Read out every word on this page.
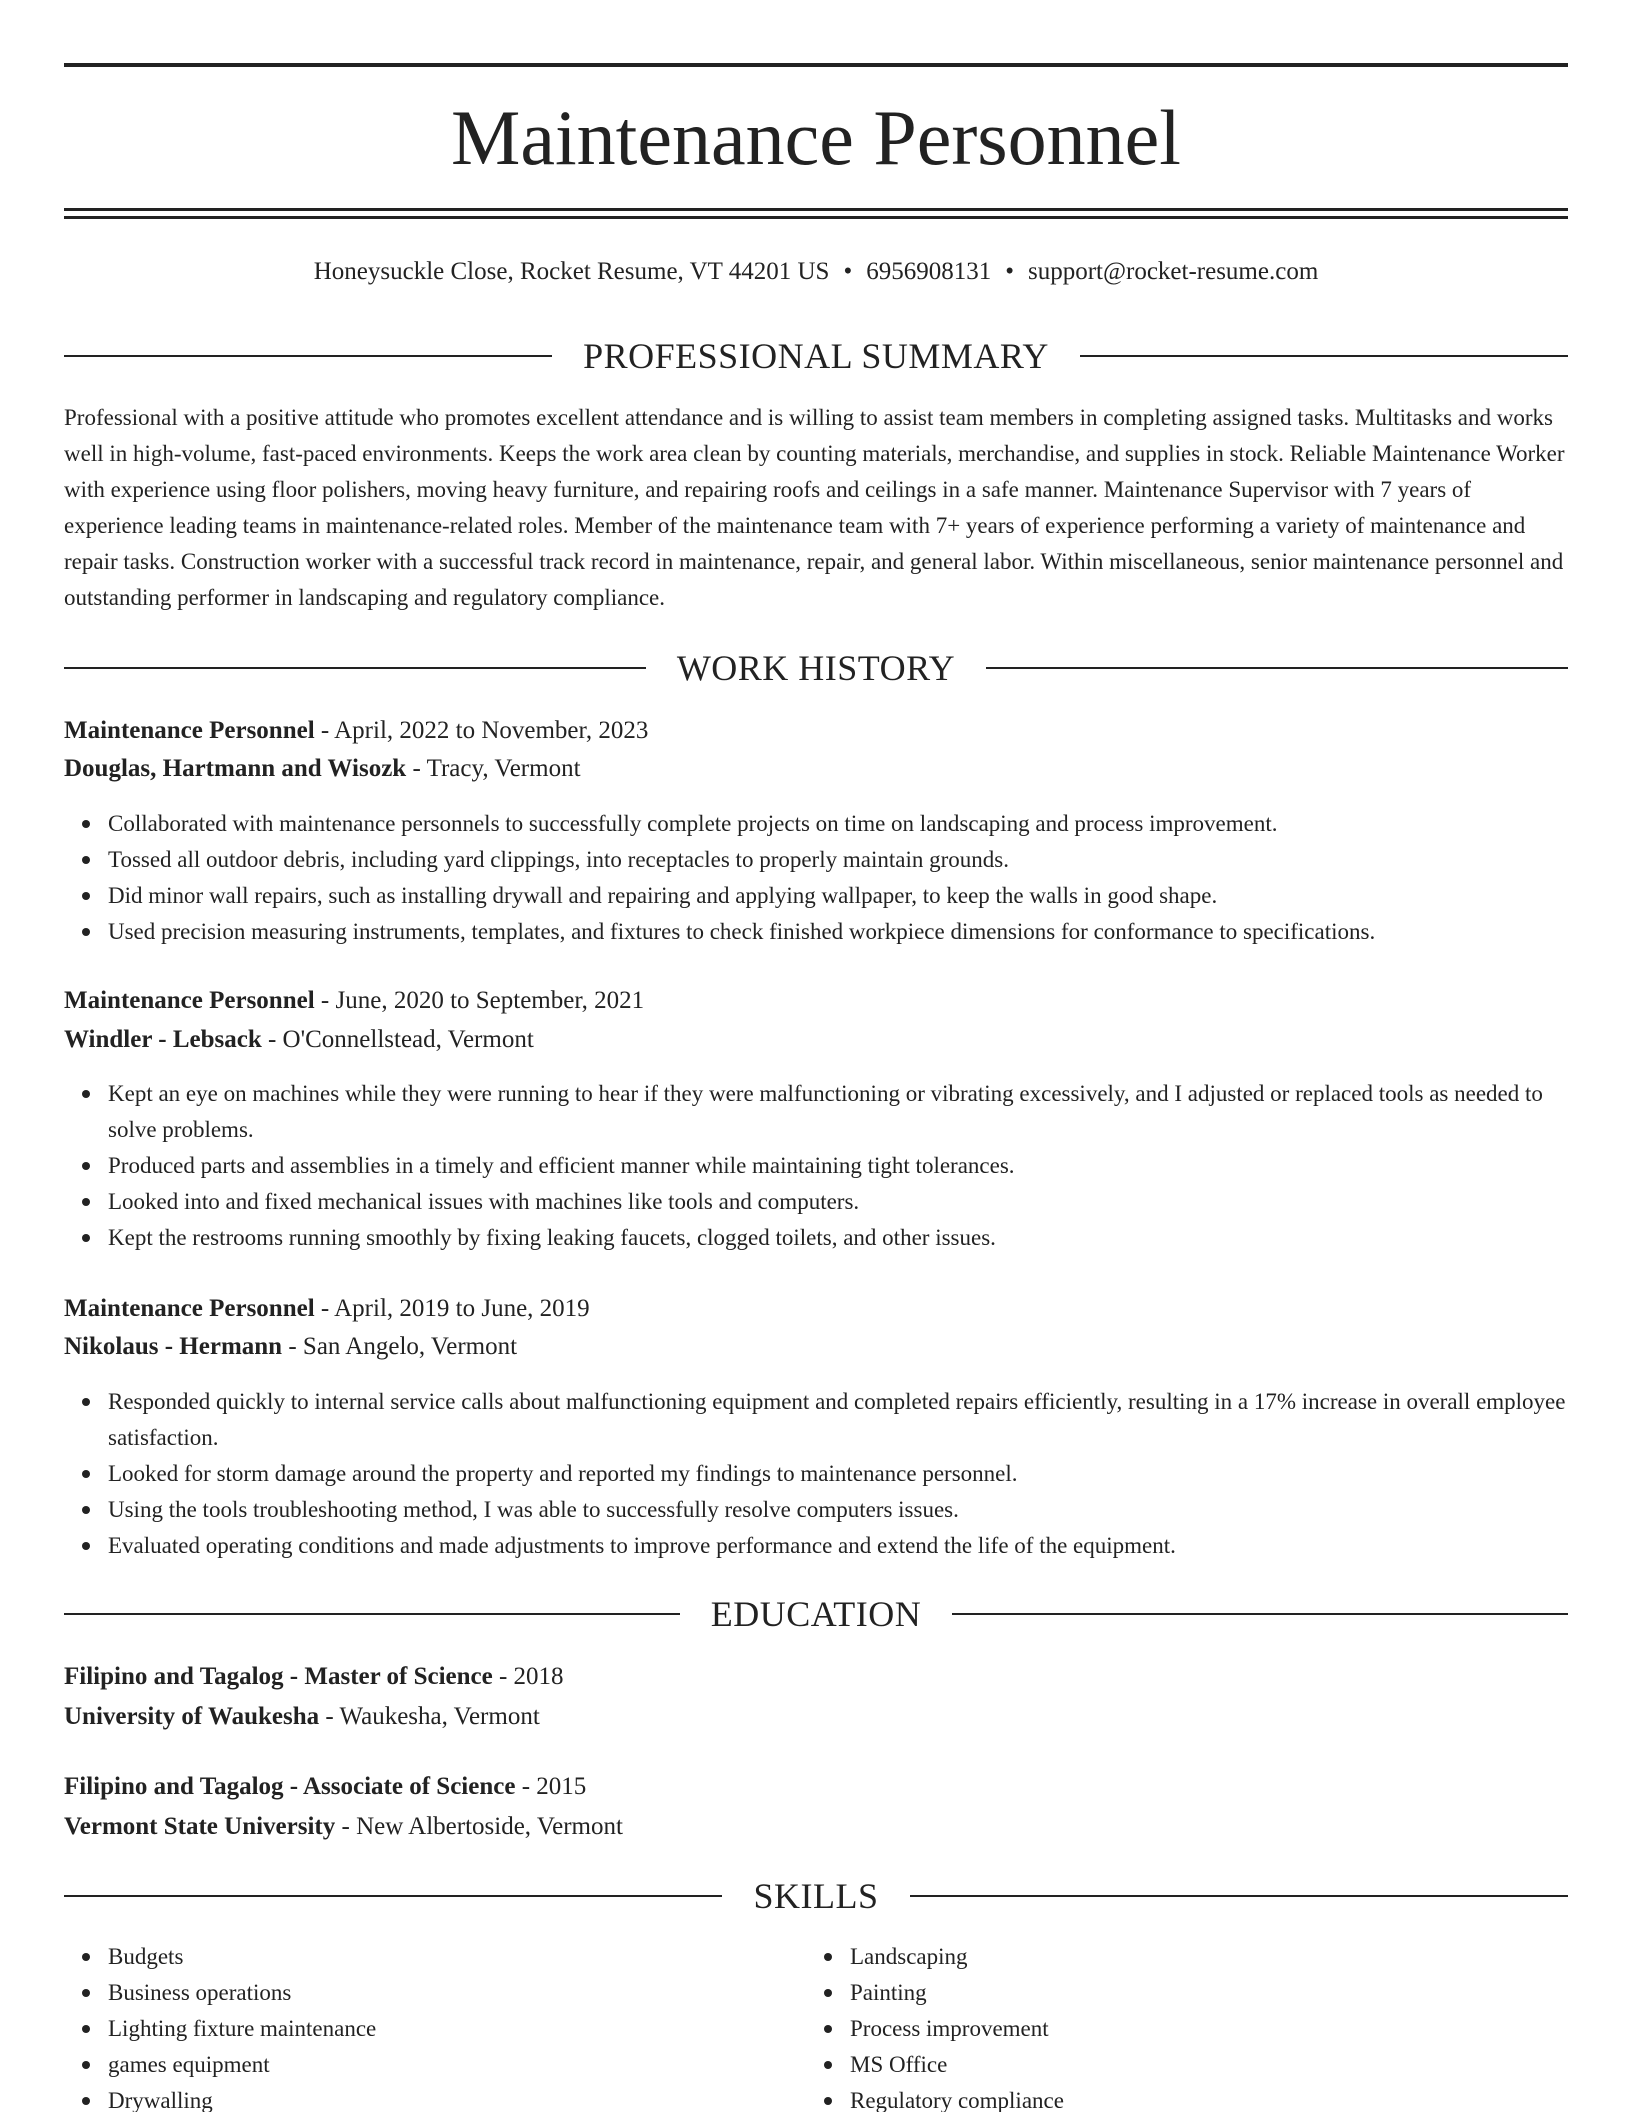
Maintenance Personnel
Honeysuckle Close, Rocket Resume, VT 44201 US • 6956908131 • support@rocket-resume.com
PROFESSIONAL SUMMARY
Professional with a positive attitude who promotes excellent attendance and is willing to assist team members in completing assigned tasks. Multitasks and works well in high-volume, fast-paced environments. Keeps the work area clean by counting materials, merchandise, and supplies in stock. Reliable Maintenance Worker with experience using floor polishers, moving heavy furniture, and repairing roofs and ceilings in a safe manner. Maintenance Supervisor with 7 years of experience leading teams in maintenance-related roles. Member of the maintenance team with 7+ years of experience performing a variety of maintenance and repair tasks. Construction worker with a successful track record in maintenance, repair, and general labor. Within miscellaneous, senior maintenance personnel and outstanding performer in landscaping and regulatory compliance.
WORK HISTORY
Maintenance Personnel - April, 2022 to November, 2023
Douglas, Hartmann and Wisozk - Tracy, Vermont
Collaborated with maintenance personnels to successfully complete projects on time on landscaping and process improvement.
Tossed all outdoor debris, including yard clippings, into receptacles to properly maintain grounds.
Did minor wall repairs, such as installing drywall and repairing and applying wallpaper, to keep the walls in good shape.
Used precision measuring instruments, templates, and fixtures to check finished workpiece dimensions for conformance to specifications.
Maintenance Personnel - June, 2020 to September, 2021
Windler - Lebsack - O'Connellstead, Vermont
Kept an eye on machines while they were running to hear if they were malfunctioning or vibrating excessively, and I adjusted or replaced tools as needed to solve problems.
Produced parts and assemblies in a timely and efficient manner while maintaining tight tolerances.
Looked into and fixed mechanical issues with machines like tools and computers.
Kept the restrooms running smoothly by fixing leaking faucets, clogged toilets, and other issues.
Maintenance Personnel - April, 2019 to June, 2019
Nikolaus - Hermann - San Angelo, Vermont
Responded quickly to internal service calls about malfunctioning equipment and completed repairs efficiently, resulting in a 17% increase in overall employee satisfaction.
Looked for storm damage around the property and reported my findings to maintenance personnel.
Using the tools troubleshooting method, I was able to successfully resolve computers issues.
Evaluated operating conditions and made adjustments to improve performance and extend the life of the equipment.
EDUCATION
Filipino and Tagalog - Master of Science - 2018
University of Waukesha - Waukesha, Vermont
Filipino and Tagalog - Associate of Science - 2015
Vermont State University - New Albertoside, Vermont
SKILLS
Budgets
Business operations
Lighting fixture maintenance
games equipment
Drywalling
Landscaping
Painting
Process improvement
MS Office
Regulatory compliance
